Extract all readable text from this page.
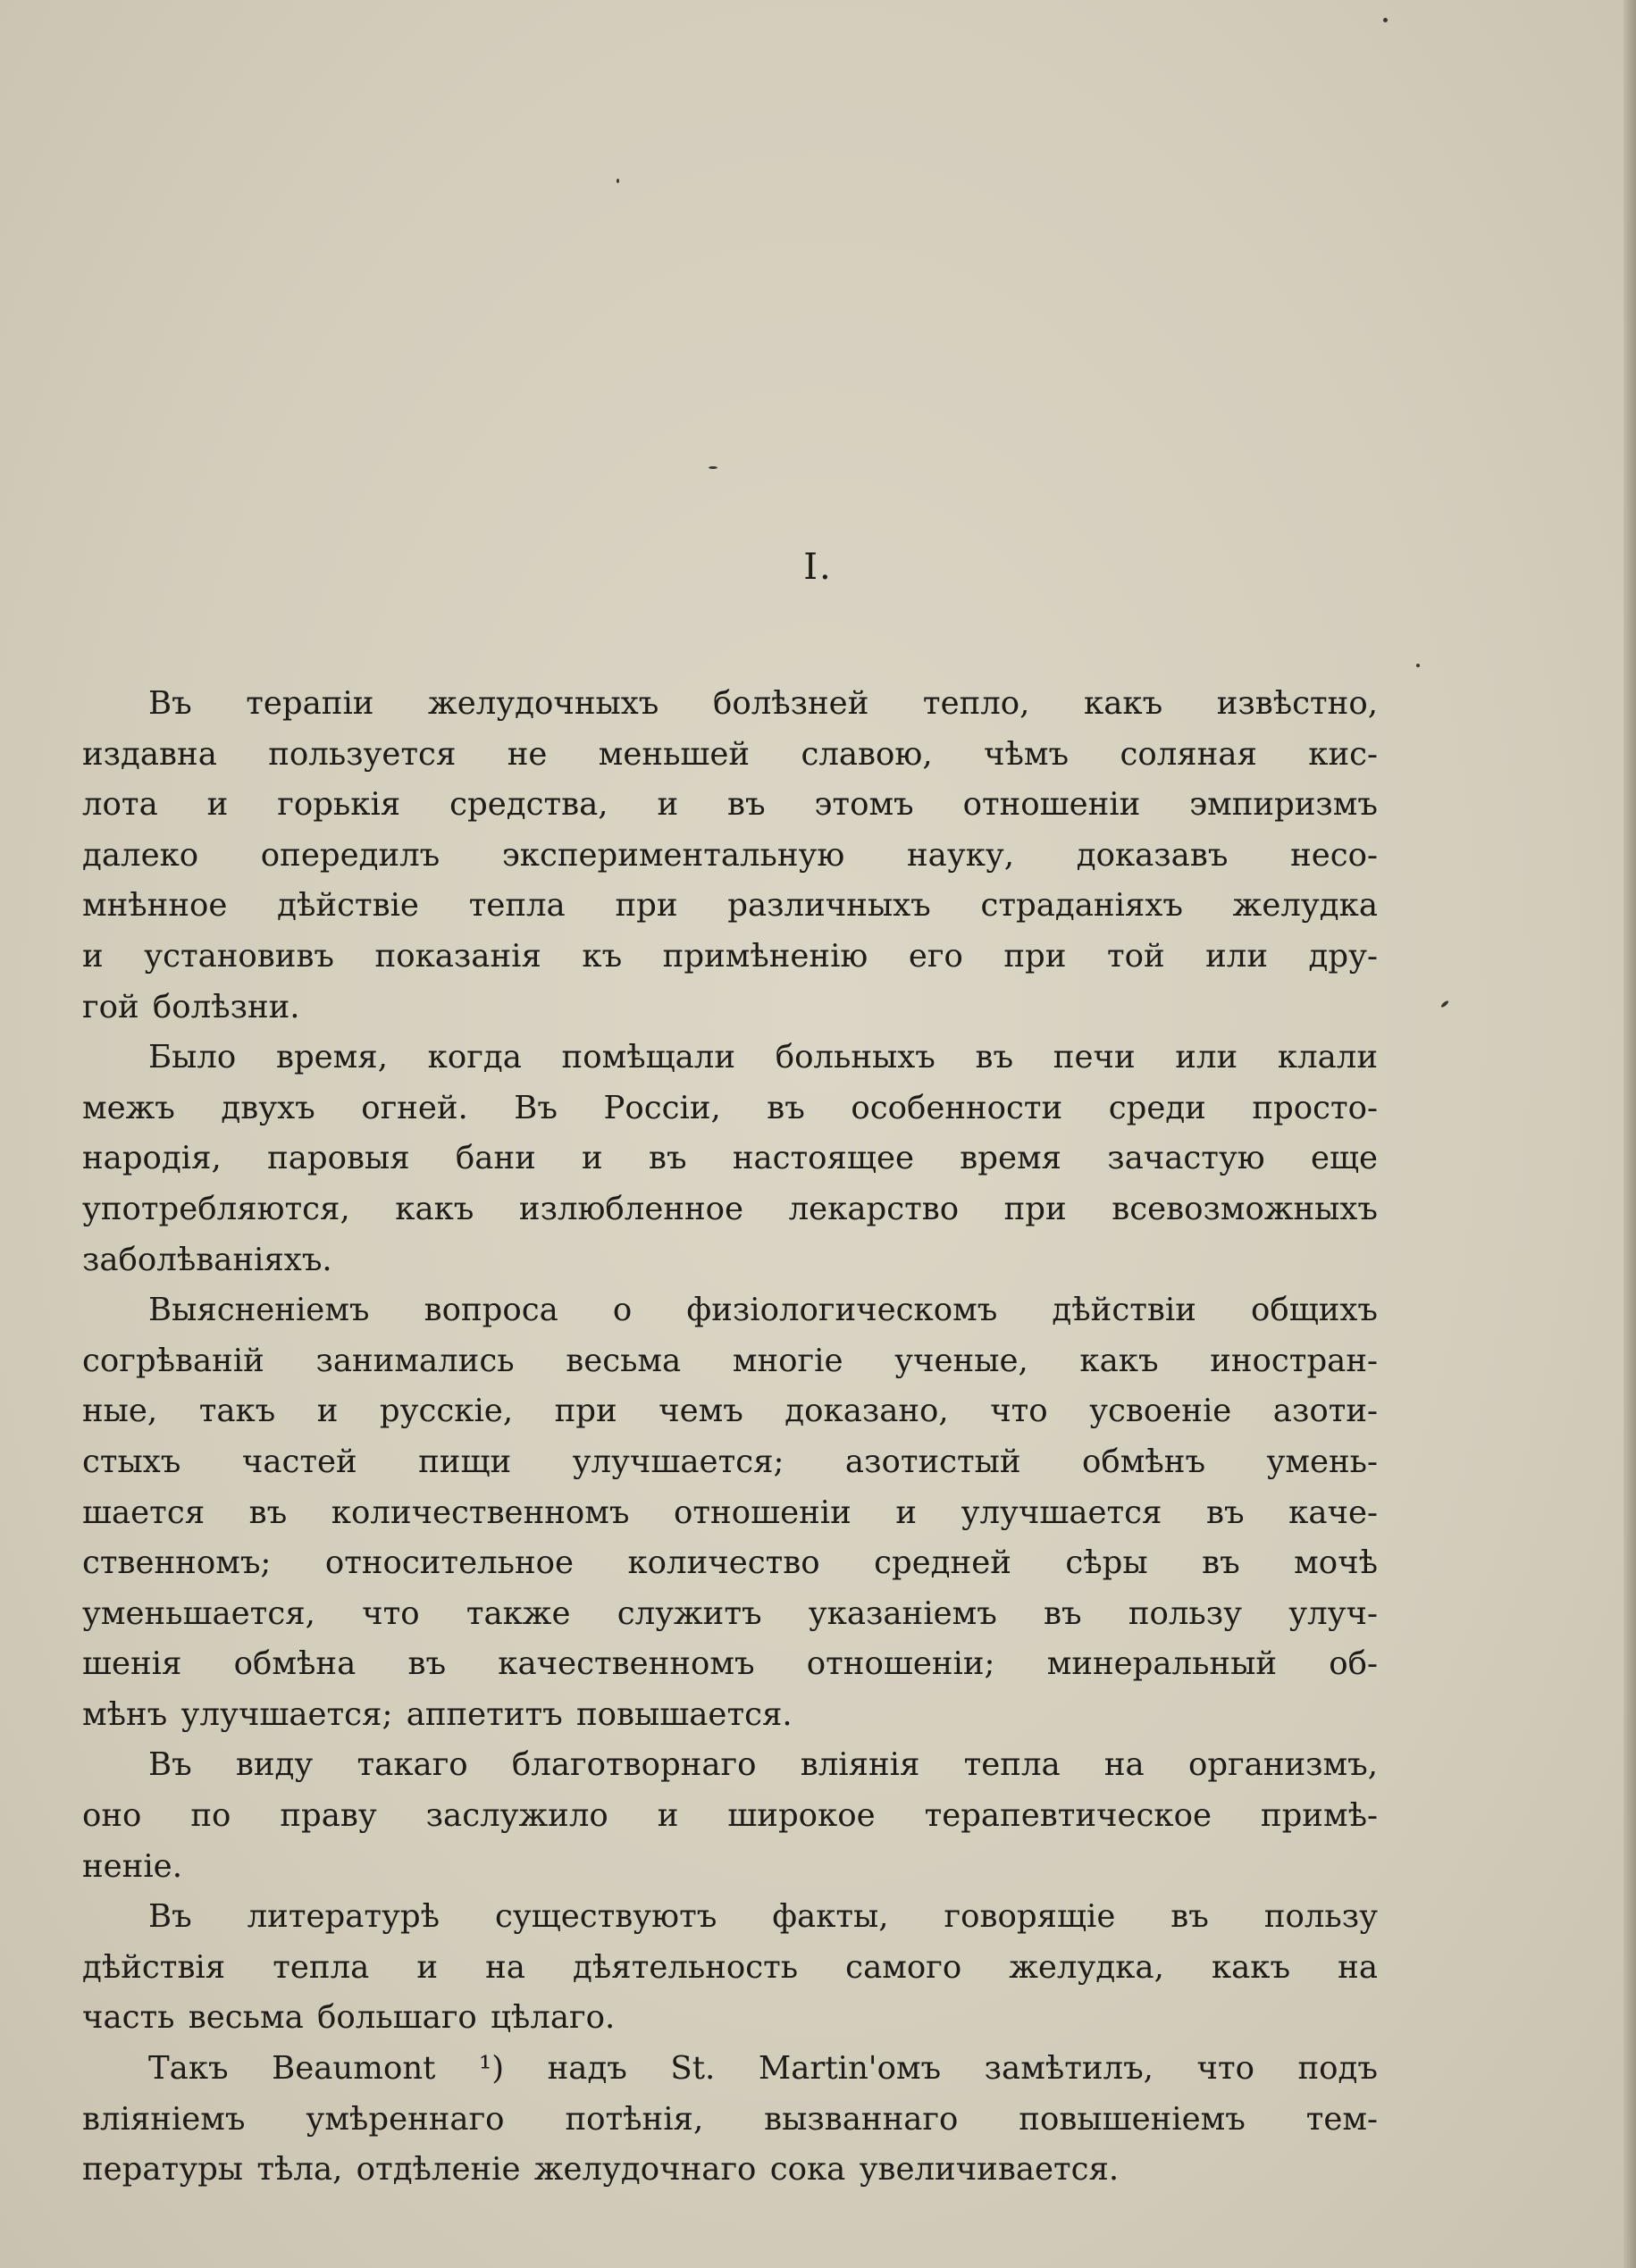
I.
Въ терапіи желудочныхъ болѣзней тепло, какъ извѣстно,
издавна пользуется не меньшей славою, чѣмъ соляная кис-
лота и горькія средства, и въ этомъ отношеніи эмпиризмъ
далеко опередилъ экспериментальную науку, доказавъ несо-
мнѣнное дѣйствіе тепла при различныхъ страданіяхъ желудка
и установивъ показанія къ примѣненію его при той или дру-
гой болѣзни.
Было время, когда помѣщали больныхъ въ печи или клали
межъ двухъ огней. Въ Россіи, въ особенности среди просто-
народія, паровыя бани и въ настоящее время зачастую еще
употребляются, какъ излюбленное лекарство при всевозможныхъ
заболѣваніяхъ.
Выясненіемъ вопроса о физіологическомъ дѣйствіи общихъ
согрѣваній занимались весьма многіе ученые, какъ иностран-
ные, такъ и русскіе, при чемъ доказано, что усвоеніе азоти-
стыхъ частей пищи улучшается; азотистый обмѣнъ умень-
шается въ количественномъ отношеніи и улучшается въ каче-
ственномъ; относительное количество средней сѣры въ мочѣ
уменьшается, что также служитъ указаніемъ въ пользу улуч-
шенія обмѣна въ качественномъ отношеніи; минеральный об-
мѣнъ улучшается; аппетитъ повышается.
Въ виду такаго благотворнаго вліянія тепла на организмъ,
оно по праву заслужило и широкое терапевтическое примѣ-
неніе.
Въ литературѣ существуютъ факты, говорящіе въ пользу
дѣйствія тепла и на дѣятельность самого желудка, какъ на
часть весьма большаго цѣлаго.
Такъ Beaumont ¹) надъ St. Martin'омъ замѣтилъ, что подъ
вліяніемъ умѣреннаго потѣнія, вызваннаго повышеніемъ тем-
пературы тѣла, отдѣленіе желудочнаго сока увеличивается.
